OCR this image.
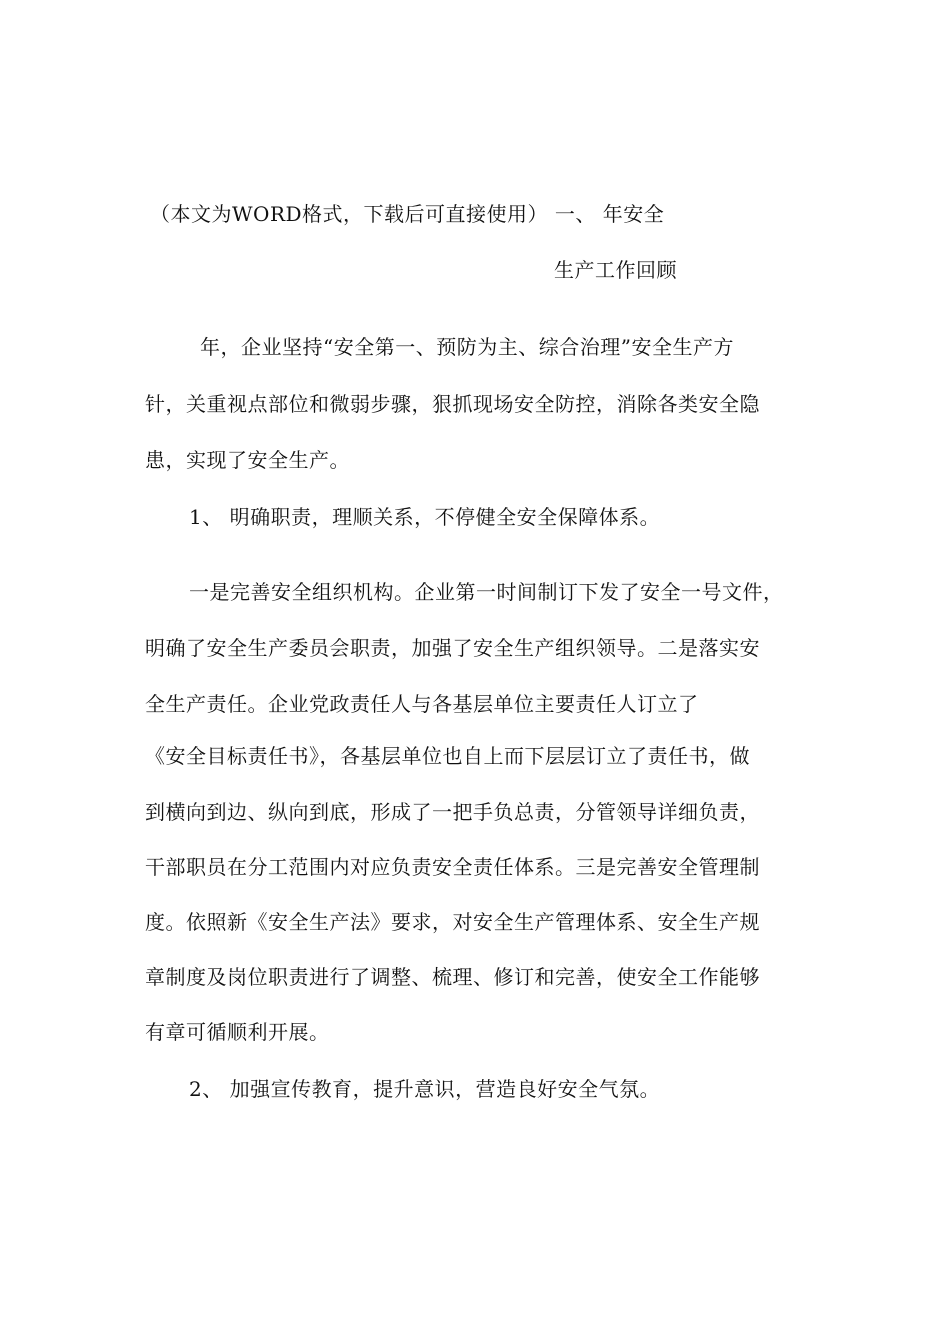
（本文为WORD格式，下载后可直接使用） 一、 年安全
生产工作回顾
年，企业坚持“安全第一、预防为主、综合治理”安全生产方
针，关重视点部位和微弱步骤，狠抓现场安全防控，消除各类安全隐
患，实现了安全生产。
1、 明确职责，理顺关系，不停健全安全保障体系。
一是完善安全组织机构。企业第一时间制订下发了安全一号文件，
明确了安全生产委员会职责，加强了安全生产组织领导。二是落实安
全生产责任。企业党政责任人与各基层单位主要责任人订立了
《安全目标责任书》，各基层单位也自上而下层层订立了责任书，做
到横向到边、纵向到底，形成了一把手负总责，分管领导详细负责，
干部职员在分工范围内对应负责安全责任体系。三是完善安全管理制
度。依照新《安全生产法》要求，对安全生产管理体系、安全生产规
章制度及岗位职责进行了调整、梳理、修订和完善，使安全工作能够
有章可循顺利开展。
2、 加强宣传教育，提升意识，营造良好安全气氛。
